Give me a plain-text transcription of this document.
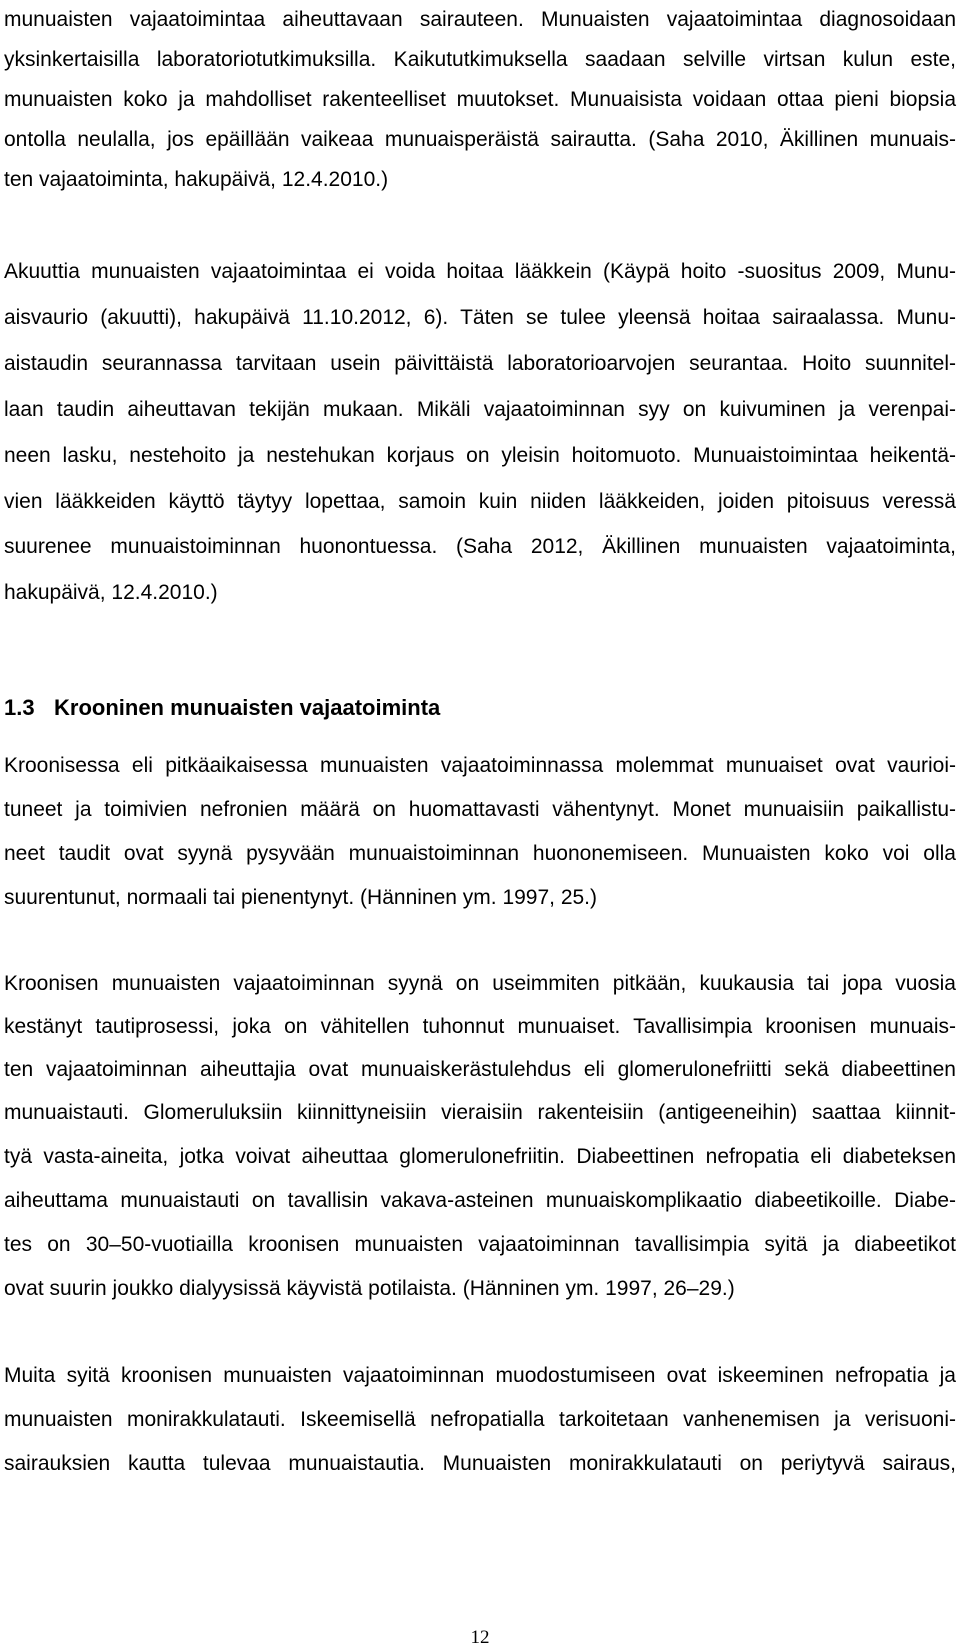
munuaisten vajaatoimintaa aiheuttavaan sairauteen. Munuaisten vajaatoimintaa diagnosoidaan
yksinkertaisilla laboratoriotutkimuksilla. Kaikututkimuksella saadaan selville virtsan kulun este,
munuaisten koko ja mahdolliset rakenteelliset muutokset. Munuaisista voidaan ottaa pieni biopsia
ontolla neulalla, jos epäillään vaikeaa munuaisperäistä sairautta. (Saha 2010, Äkillinen munuais-
ten vajaatoiminta, hakupäivä, 12.4.2010.)
Akuuttia munuaisten vajaatoimintaa ei voida hoitaa lääkkein (Käypä hoito -suositus 2009, Munu-
aisvaurio (akuutti), hakupäivä 11.10.2012, 6). Täten se tulee yleensä hoitaa sairaalassa. Munu-
aistaudin seurannassa tarvitaan usein päivittäistä laboratorioarvojen seurantaa. Hoito suunnitel-
laan taudin aiheuttavan tekijän mukaan. Mikäli vajaatoiminnan syy on kuivuminen ja verenpai-
neen lasku, nestehoito ja nestehukan korjaus on yleisin hoitomuoto. Munuaistoimintaa heikentä-
vien lääkkeiden käyttö täytyy lopettaa, samoin kuin niiden lääkkeiden, joiden pitoisuus veressä
suurenee munuaistoiminnan huonontuessa. (Saha 2012, Äkillinen munuaisten vajaatoiminta,
hakupäivä, 12.4.2010.)
1.3 Krooninen munuaisten vajaatoiminta
Kroonisessa eli pitkäaikaisessa munuaisten vajaatoiminnassa molemmat munuaiset ovat vaurioi-
tuneet ja toimivien nefronien määrä on huomattavasti vähentynyt. Monet munuaisiin paikallistu-
neet taudit ovat syynä pysyvään munuaistoiminnan huononemiseen. Munuaisten koko voi olla
suurentunut, normaali tai pienentynyt. (Hänninen ym. 1997, 25.)
Kroonisen munuaisten vajaatoiminnan syynä on useimmiten pitkään, kuukausia tai jopa vuosia
kestänyt tautiprosessi, joka on vähitellen tuhonnut munuaiset. Tavallisimpia kroonisen munuais-
ten vajaatoiminnan aiheuttajia ovat munuaiskerästulehdus eli glomerulonefriitti sekä diabeettinen
munuaistauti. Glomeruluksiin kiinnittyneisiin vieraisiin rakenteisiin (antigeeneihin) saattaa kiinnit-
tyä vasta-aineita, jotka voivat aiheuttaa glomerulonefriitin. Diabeettinen nefropatia eli diabeteksen
aiheuttama munuaistauti on tavallisin vakava-asteinen munuaiskomplikaatio diabeetikoille. Diabe-
tes on 30–50-vuotiailla kroonisen munuaisten vajaatoiminnan tavallisimpia syitä ja diabeetikot
ovat suurin joukko dialyysissä käyvistä potilaista. (Hänninen ym. 1997, 26–29.)
Muita syitä kroonisen munuaisten vajaatoiminnan muodostumiseen ovat iskeeminen nefropatia ja
munuaisten monirakkulatauti. Iskeemisellä nefropatialla tarkoitetaan vanhenemisen ja verisuoni-
sairauksien kautta tulevaa munuaistautia. Munuaisten monirakkulatauti on periytyvä sairaus,
12
